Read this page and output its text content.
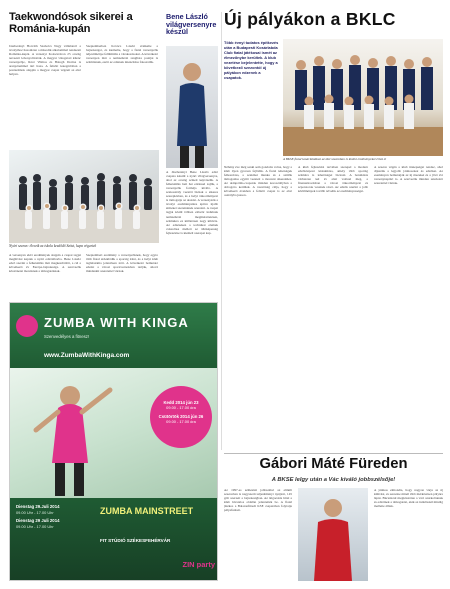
Taekwondósok sikerei a Románia-kupán
Jászberényi Horváth Szabolcs Nagy vállalatról a tavalyihoz hasonlóan a második alkalommal rendezett Románia-kupát. A versenyt Kolozsváron 25 ország nevezett lebonyolították. A magyar válogatott kilenc versenyzője, Rácz Vilmos és Balogh Dorina is aranyéremmel tért haza. A felnőtt kategóriában a pontszámok alapján a magyar csapat végzett az első helyen.
Szeptemberben Kovács László értékelte a bajnokságot, és kiemelte, hogy a fiatal versenyzők teljesítménye felülmúlta a várakozásokat. A következő versenyen már a nemzetközi ranglista pontjai is számítanak, ezért az edzések intenzitása fokozódik.
Nyári szezon: élvezik az iskola kezdődő Szöut, kupa végeztek
A versenyen elért eredmények alapján a csapat tagjai meghívást kaptak a nyári edzőtáborba. Bene László edző szerint a felkészülés már megkezdődött, a cél a következő év Európa-bajnoksága. A szervezők köszönetet mondanak a támogatóknak.
Szeptemberi eredmény a versenyzőknek, hogy egyre több fiatal érdeklődik a sportág iránt, és a helyi klub taglétszáma jelentősen nőtt. A következő bemutató edzést a városi sportcsarnokban tartják, ahová mindenkit szeretettel várnak.
Bene László világversenyre készül
A Jászberényi Bene László edző csapata készül a nyári világversenyre, ahol az ország színeit képviselik. A felkészülés heti hat edzéssel zajlik, a versenyzők formája kiváló. A szakosztály vezetői bíznak a sikeres szereplésben, és a helyi önkormányzat is támogatja az utazást. A versenyzők a tavalyi eredményeikre építve újabb érmeket szeretnének szerezni. A csapat tagjai közül többen először indulnak nemzetközi megmérettetésen, számukra ez különösen nagy kihívás. Az edzéseken a technikai elemek csiszolása mellett az állóképesség fejlesztése is kiemelt szerepet kap.
Új pályákon a BKLC
Több évnyi tudatos építkezés után a Budapesti Kosárlabda Club fiatal játékosai ismét az élmezőnybe kerültek. A klub vezetése bejelentette, hogy a következő szezontól új pályákon edzenek a csapatok.
A BKSE fiatal kosárlabdásai az idei szezonban is kiváló eredményeket értek el
Néhány éve még senki sem gondolta volna, hogy a klub ilyen gyorsan fejlődik. A fiatal tehetségek felkarolása, a szakmai munka és a szülők támogatása együtt vezetett a mostani sikerekhez. Az utánpótlás-csapatok minden korosztályban a dobogóra kerültek. A vezetőség célja, hogy a következő években a felnőtt csapat is az első osztályba jusson.
A klub fejlesztési tervében szerepel a modern edzőközpont kialakítása, amely több sportág számára is lehetőséget biztosít. A beruházás várhatóan két év alatt valósul meg, a finanszírozásban a városi önkormányzat és szponzorok vesznek részt. Az edzők szerint a jobb körülmények tovább növelik az eredményességet.
A szezon végén a klub ünnepséget rendez, ahol díjazzák a legjobb játékosokat és edzőket. Az eseményen bemutatják az új mezeket és a jövő évi versenynaptárt is. A szervezők minden szurkolót szeretettel várnak.
ZUMBA WITH KINGA
Szenvedélyes a fitnesz!
www.ZumbaWithKinga.com
Kedd 2014 jún 23
09.00 - 17.00 óra
Csütörtök 2014 jún 26
09.00 - 17.00 óra
Dienstag 29.Juli 2014
09.00 Uhr - 17.00 Uhr
Dienstag 29 Juli 2014
09.00 Uhr - 17.00 Uhr
ZUMBA MAINSTREET
FIT STÚDIÓ SZÉKESFEHÉRVÁR
ZIN party
Gábori Máté Füreden
A BKSE lelgy után a Vác kiváló jobbszélsője!
Az 1997-es születésű jobbszélső az elmúlt szezonban is nagyszerű teljesítményt nyújtott, 145 gólt szerzett a bajnokságban. Az átigazolás hírét a klub hivatalos oldalán jelentették be. A fiatal játékos a Balatonfüredi KSE csapatában folytatja pályafutását.
A játékos elmondta, hogy nagyon várja az új kihívást, és szeretne minél több mérkőzésen pályára lépni. Búcsúzóul megköszönte a váci szurkolóknak és edzőinek a támogatást, akik az indulásnál mindig mellette álltak.
